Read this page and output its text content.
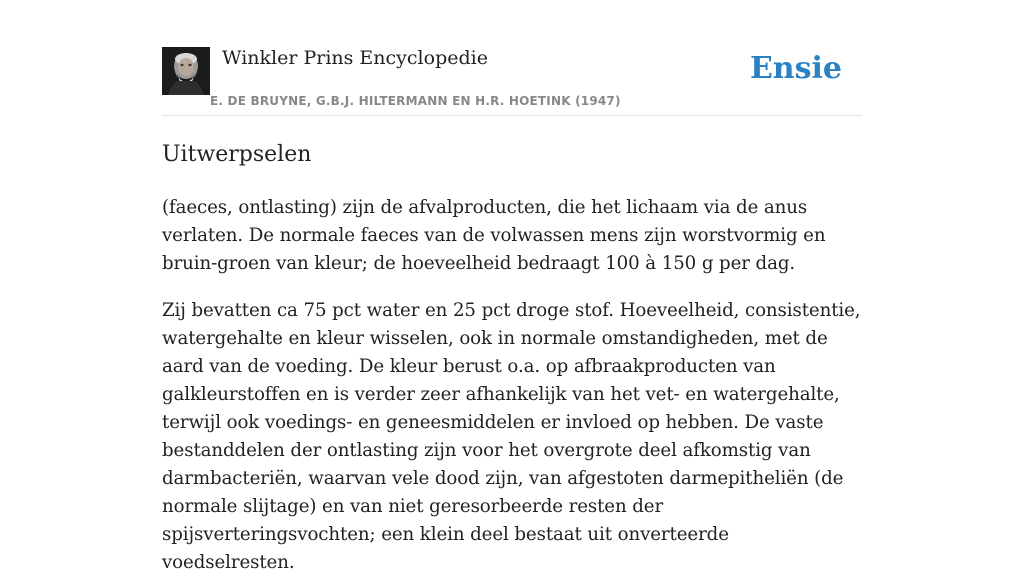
Winkler Prins Encyclopedie
E. DE BRUYNE, G.B.J. HILTERMANN EN H.R. HOETINK (1947)
Ensie
Uitwerpselen

(faeces, ontlasting) zijn de afvalproducten, die het lichaam via de anus verlaten. De normale faeces van de volwassen mens zijn worstvormig en bruin-groen van kleur; de hoeveelheid bedraagt 100 à 150 g per dag.

Zij bevatten ca 75 pct water en 25 pct droge stof. Hoeveelheid, consistentie, watergehalte en kleur wisselen, ook in normale omstandigheden, met de aard van de voeding. De kleur berust o.a. op afbraakproducten van galkleurstoffen en is verder zeer afhankelijk van het vet- en watergehalte, terwijl ook voedings- en geneesmiddelen er invloed op hebben. De vaste bestanddelen der ontlasting zijn voor het overgrote deel afkomstig van darmbacteriën, waarvan vele dood zijn, van afgestoten darmepitheliën (de normale slijtage) en van niet geresorbeerde resten der spijsverteringsvochten; een klein deel bestaat uit onverteerde voedselresten.
